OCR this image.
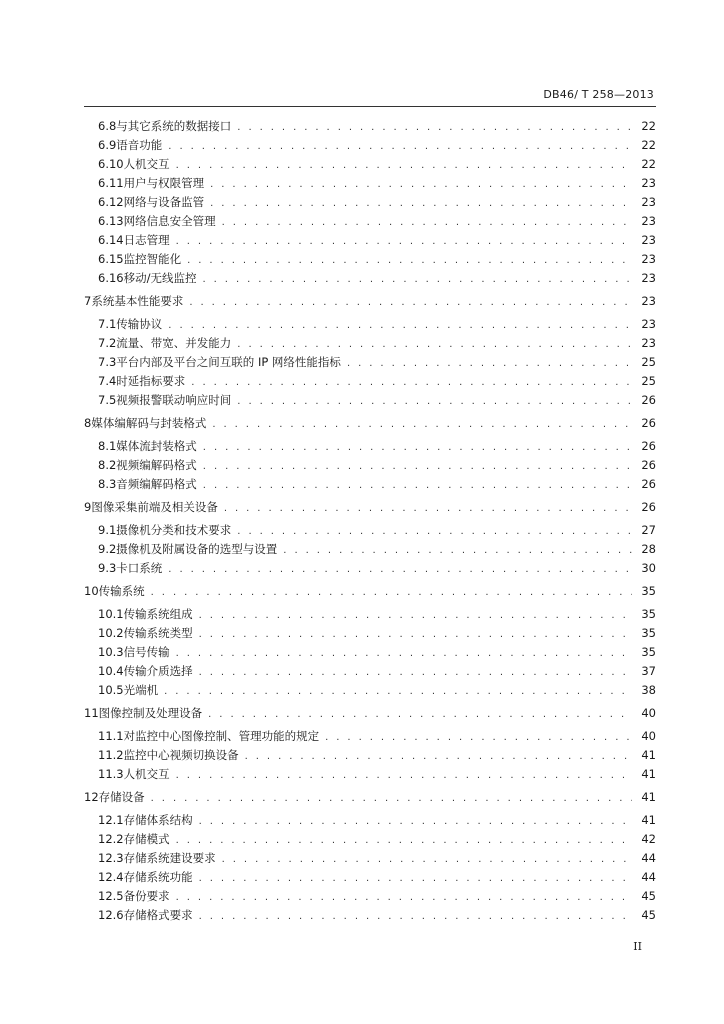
DB46/ T 258—2013
6.8 与其它系统的数据接口 . . .	22
6.9 语音功能 . . .	22
6.10 人机交互 . . .	22
6.11 用户与权限管理 . . .	23
6.12 网络与设备监管 . . .	23
6.13 网络信息安全管理 . . .	23
6.14 日志管理 . . .	23
6.15 监控智能化 . . .	23
6.16 移动/无线监控 . . .	23
7 系统基本性能要求 . . .	23
7.1 传输协议 . . .	23
7.2 流量、带宽、并发能力 . . .	23
7.3 平台内部及平台之间互联的 IP 网络性能指标 . . .	25
7.4 时延指标要求 . . .	25
7.5 视频报警联动响应时间 . . .	26
8 媒体编解码与封装格式 . . .	26
8.1 媒体流封装格式 . . .	26
8.2 视频编解码格式 . . .	26
8.3 音频编解码格式 . . .	26
9 图像采集前端及相关设备 . . .	26
9.1 摄像机分类和技术要求 . . .	27
9.2 摄像机及附属设备的选型与设置 . . .	28
9.3 卡口系统 . . .	30
10 传输系统 . . .	35
10.1 传输系统组成 . . .	35
10.2 传输系统类型 . . .	35
10.3 信号传输 . . .	35
10.4 传输介质选择 . . .	37
10.5 光端机 . . .	38
11 图像控制及处理设备 . . .	40
11.1 对监控中心图像控制、管理功能的规定 . . .	40
11.2 监控中心视频切换设备 . . .	41
11.3 人机交互 . . .	41
12 存储设备 . . .	41
12.1 存储体系结构 . . .	41
12.2 存储模式 . . .	42
12.3 存储系统建设要求 . . .	44
12.4 存储系统功能 . . .	44
12.5 备份要求 . . .	45
12.6 存储格式要求 . . .	45
II
